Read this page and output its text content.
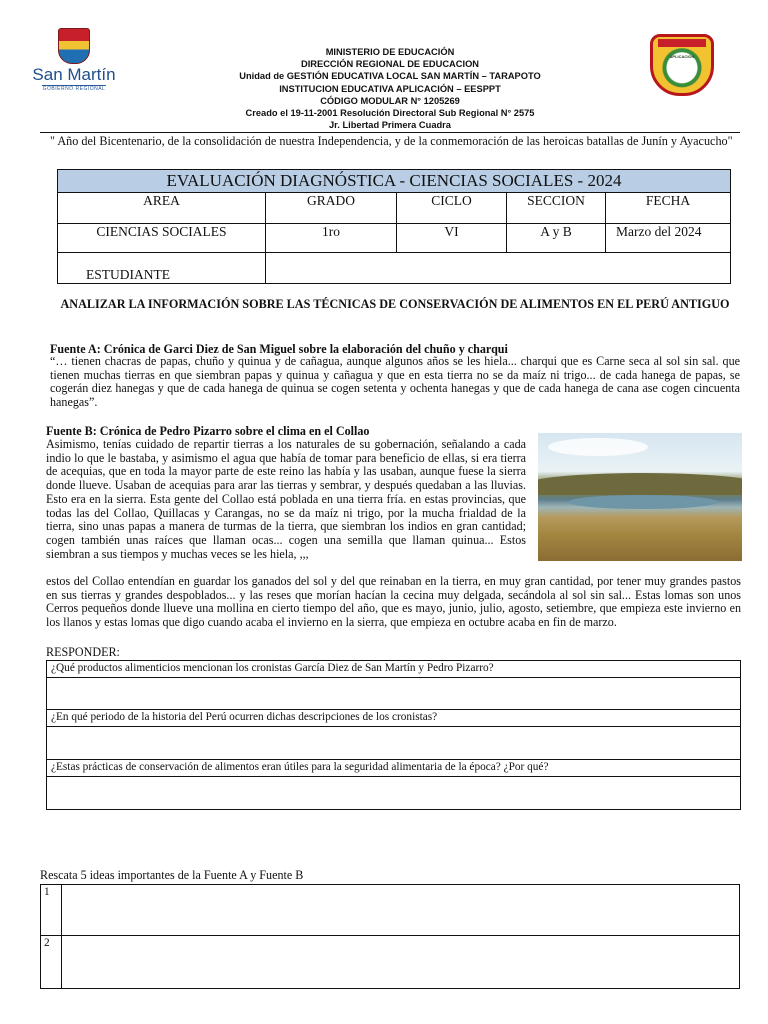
San Martín
GOBIERNO REGIONAL
APLICACIÓN
MINISTERIO DE EDUCACIÓN
DIRECCIÓN REGIONAL DE EDUCACION
Unidad de GESTIÓN EDUCATIVA LOCAL SAN MARTÍN – TARAPOTO
INSTITUCION EDUCATIVA APLICACIÓN – EESPPT
CÓDIGO MODULAR N° 1205269
Creado el 19-11-2001 Resolución Directoral Sub Regional N° 2575
Jr. Libertad Primera Cuadra
" Año del Bicentenario, de la consolidación de nuestra Independencia, y de la conmemoración de las heroicas batallas de Junín y Ayacucho"
EVALUACIÓN DIAGNÓSTICA - CIENCIAS SOCIALES - 2024				
AREA	GRADO	CICLO	SECCION	FECHA
CIENCIAS SOCIALES	1ro	VI	A y B	Marzo del 2024
ESTUDIANTE				
ANALIZAR LA INFORMACIÓN SOBRE LAS TÉCNICAS DE CONSERVACIÓN DE ALIMENTOS EN EL PERÚ ANTIGUO
Fuente A: Crónica de Garci Diez de San Miguel sobre la elaboración del chuño y charqui
“… tienen chacras de papas, chuño y quinua y de cañagua, aunque algunos años se les hiela... charqui que es Carne seca al sol sin sal. que tienen muchas tierras en que siembran papas y quinua y cañagua y que en esta tierra no se da maíz ni trigo... de cada hanega de papas, se cogerán diez hanegas y que de cada hanega de quinua se cogen setenta y ochenta hanegas y que de cada hanega de cana ase cogen cincuenta hanegas”.
Fuente B: Crónica de Pedro Pizarro sobre el clima en el Collao
Asimismo, tenías cuidado de repartir tierras a los naturales de su gobernación, señalando a cada indio lo que le bastaba, y asimismo el agua que había de tomar para beneficio de ellas, si era tierra de acequias, que en toda la mayor parte de este reino las había y las usaban, aunque fuese la sierra donde llueve. Usaban de acequias para arar las tierras y sembrar, y después quedaban a las lluvias. Esto era en la sierra. Esta gente del Collao está poblada en una tierra fría. en estas provincias, que todas las del Collao, Quillacas y Carangas, no se da maíz ni trigo, por la mucha frialdad de la tierra, sino unas papas a manera de turmas de la tierra, que siembran los indios en gran cantidad; cogen también unas raíces que llaman ocas... cogen una semilla que llaman quinua... Estos siembran a sus tiempos y muchas veces se les hiela, ,,,
estos del Collao entendían en guardar los ganados del sol y del que reinaban en la tierra, en muy gran cantidad, por tener muy grandes pastos en sus tierras y grandes despoblados... y las reses que morían hacían la cecina muy delgada, secándola al sol sin sal... Estas lomas son unos Cerros pequeños donde llueve una mollina en cierto tiempo del año, que es mayo, junio, julio, agosto, setiembre, que empieza este invierno en los llanos y estas lomas que digo cuando acaba el invierno en la sierra, que empieza en octubre acaba en fin de marzo.
RESPONDER:
¿Qué productos alimenticios mencionan los cronistas García Diez de San Martín y Pedro Pizarro?

¿En qué periodo de la historia del Perú ocurren dichas descripciones de los cronistas?

¿Estas prácticas de conservación de alimentos eran útiles para la seguridad alimentaria de la época? ¿Por qué?

Rescata 5 ideas importantes de la Fuente A y Fuente B
1	
2	
